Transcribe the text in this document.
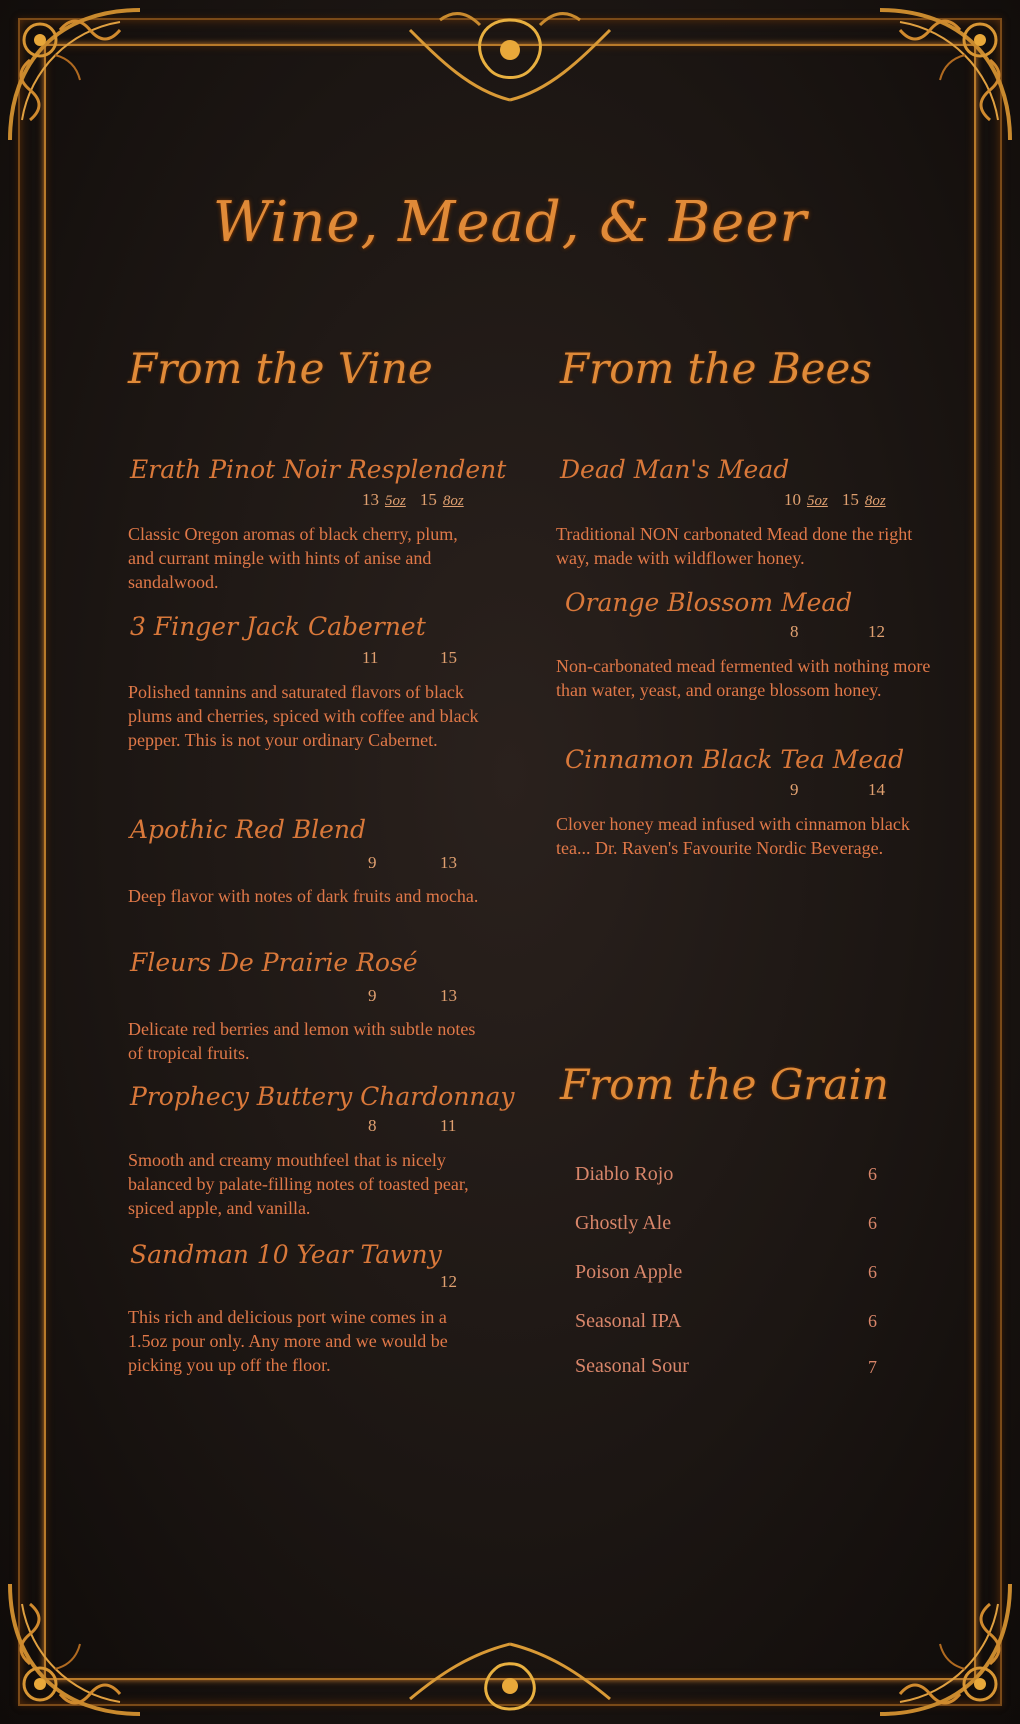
Wine, Mead, & Beer
From the Vine
Erath Pinot Noir Resplendent
13 5oz 15 8oz
Classic Oregon aromas of black cherry, plum, and currant mingle with hints of anise and sandalwood.
3 Finger Jack Cabernet
11	15
Polished tannins and saturated flavors of black plums and cherries, spiced with coffee and black pepper. This is not your ordinary Cabernet.
Apothic Red Blend
9	13
Deep flavor with notes of dark fruits and mocha.
Fleurs De Prairie Rosé
9	13
Delicate red berries and lemon with subtle notes of tropical fruits.
Prophecy Buttery Chardonnay
8	11
Smooth and creamy mouthfeel that is nicely balanced by palate-filling notes of toasted pear, spiced apple, and vanilla.
Sandman 10 Year Tawny
12
This rich and delicious port wine comes in a 1.5oz pour only. Any more and we would be picking you up off the floor.
From the Bees
Dead Man's Mead
10 5oz 15 8oz
Traditional NON carbonated Mead done the right way, made with wildflower honey.
Orange Blossom Mead
8	12
Non-carbonated mead fermented with nothing more than water, yeast, and orange blossom honey.
Cinnamon Black Tea Mead
9	14
Clover honey mead infused with cinnamon black tea... Dr. Raven's Favourite Nordic Beverage.
From the Grain
Diablo Rojo	6
Ghostly Ale	6
Poison Apple	6
Seasonal IPA	6
Seasonal Sour	7
